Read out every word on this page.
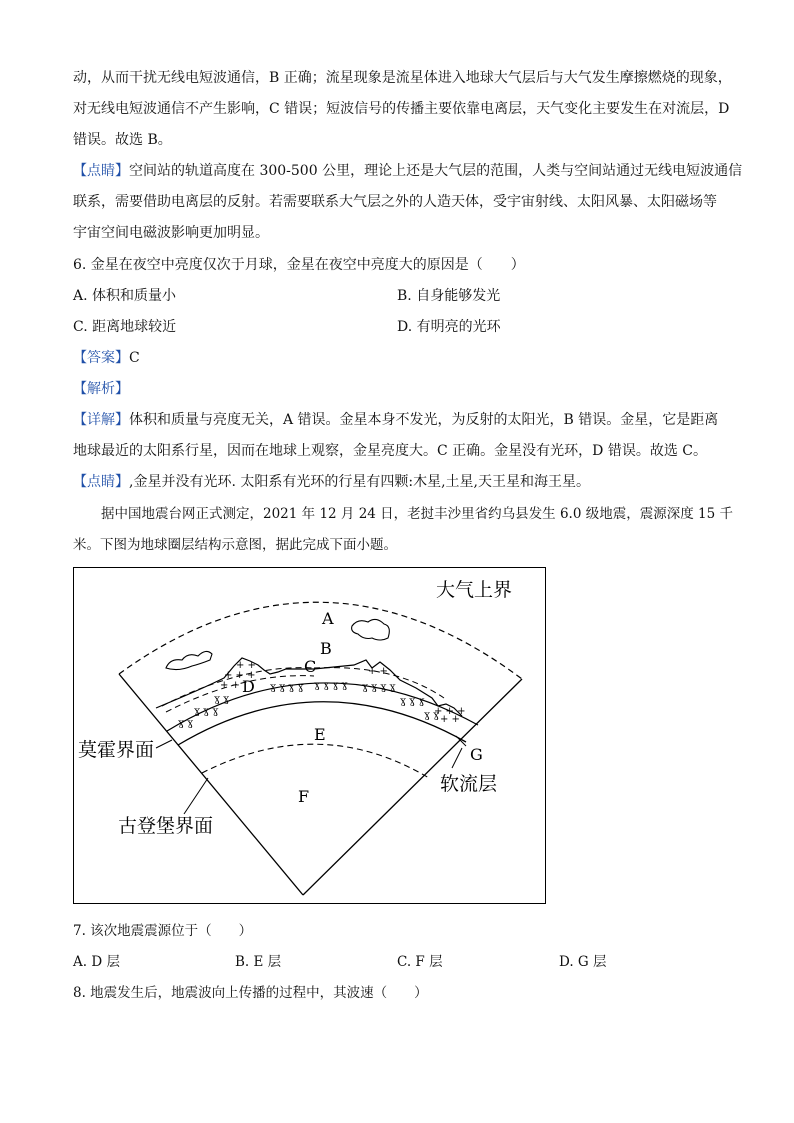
动，从而干扰无线电短波通信，B 正确；流星现象是流星体进入地球大气层后与大气发生摩擦燃烧的现象，
对无线电短波通信不产生影响，C 错误；短波信号的传播主要依靠电离层，天气变化主要发生在对流层，D
错误。故选 B。
【点睛】空间站的轨道高度在 300-500 公里，理论上还是大气层的范围，人类与空间站通过无线电短波通信
联系，需要借助电离层的反射。若需要联系大气层之外的人造天体，受宇宙射线、太阳风暴、太阳磁场等
宇宙空间电磁波影响更加明显。
6. 金星在夜空中亮度仅次于月球，金星在夜空中亮度大的原因是（　　）
A. 体积和质量小	B. 自身能够发光
C. 距离地球较近	D. 有明亮的光环
【答案】C
【解析】
【详解】体积和质量与亮度无关，A 错误。金星本身不发光，为反射的太阳光，B 错误。金星，它是距离
地球最近的太阳系行星，因而在地球上观察，金星亮度大。C 正确。金星没有光环，D 错误。故选 C。
【点睛】,金星并没有光环. 太阳系有光环的行星有四颗:木星,土星,天王星和海王星。
据中国地震台网正式测定，2021 年 12 月 24 日，老挝丰沙里省约乌县发生 6.0 级地震，震源深度 15 千
米。下图为地球圈层结构示意图，据此完成下面小题。
+ + +
+ +
+ +
+ +
+ + +
+ +
ɣ ɣ
ɣ ɣ ɣ
ɣ ɣ
ɣ ɣ ɣ ɣ ɣ ɣ ɣ ɣ ɣ ɣ ɣ ɣ
ɣ ɣ ɣ
ɣ ɣ
A
B
C
D
E
F
G
大气上界
莫霍界面
软流层
古登堡界面
7. 该次地震震源位于（　　）
A. D 层	B. E 层	C. F 层	D. G 层
8. 地震发生后，地震波向上传播的过程中，其波速（　　）
